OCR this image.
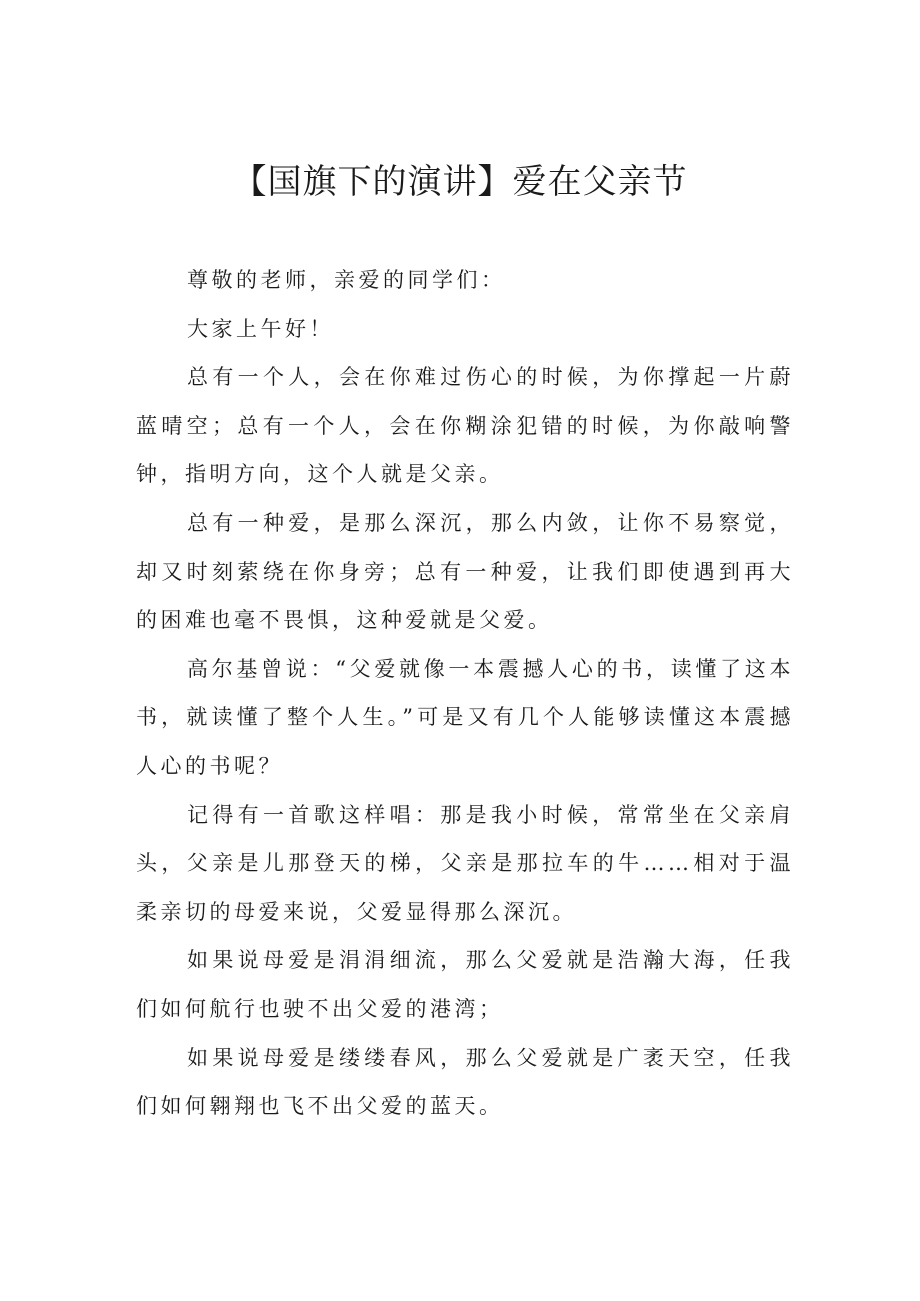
【国旗下的演讲】爱在父亲节

尊敬的老师，亲爱的同学们：

大家上午好！

总有一个人，会在你难过伤心的时候，为你撑起一片蔚蓝晴空；总有一个人，会在你糊涂犯错的时候，为你敲响警钟，指明方向，这个人就是父亲。

总有一种爱，是那么深沉，那么内敛，让你不易察觉，却又时刻萦绕在你身旁；总有一种爱，让我们即使遇到再大的困难也毫不畏惧，这种爱就是父爱。

高尔基曾说：“父爱就像一本震撼人心的书，读懂了这本书，就读懂了整个人生。”可是又有几个人能够读懂这本震撼人心的书呢？

记得有一首歌这样唱：那是我小时候，常常坐在父亲肩头，父亲是儿那登天的梯，父亲是那拉车的牛……相对于温柔亲切的母爱来说，父爱显得那么深沉。

如果说母爱是涓涓细流，那么父爱就是浩瀚大海，任我们如何航行也驶不出父爱的港湾；

如果说母爱是缕缕春风，那么父爱就是广袤天空，任我们如何翱翔也飞不出父爱的蓝天。
